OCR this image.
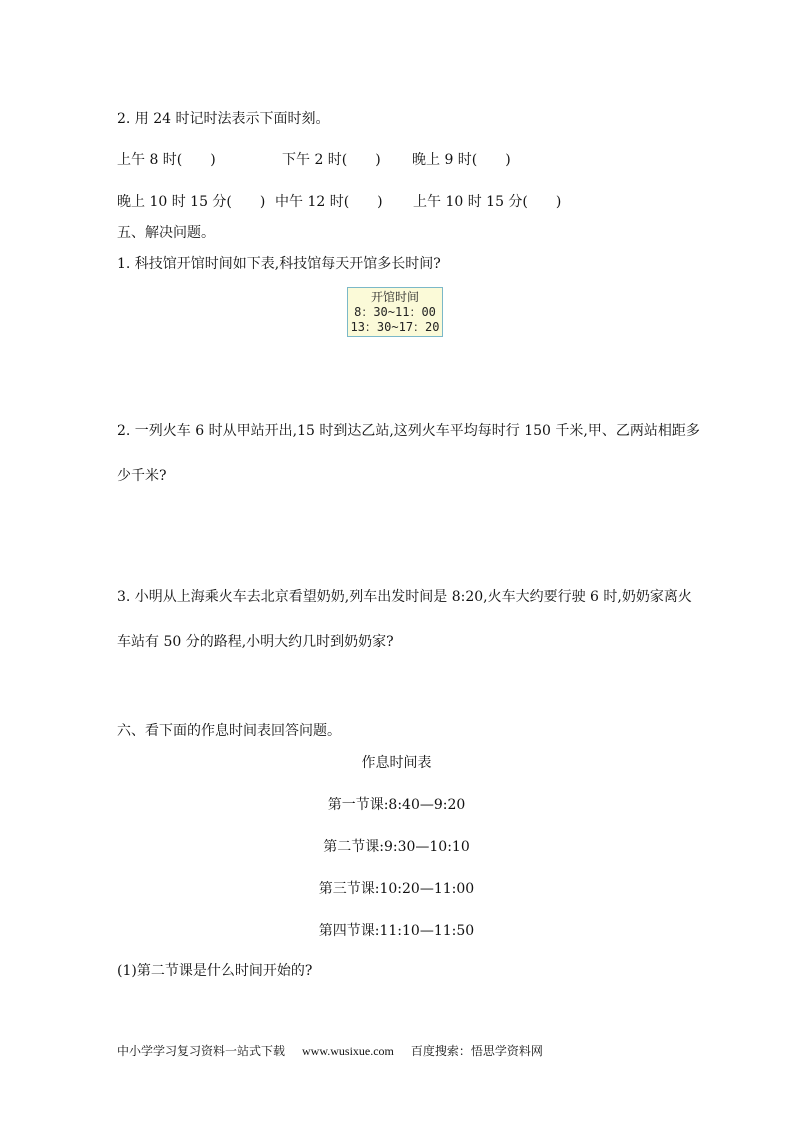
2. 用 24 时记时法表示下面时刻。
上午 8 时(　　)	下午 2 时(　　) 晚上 9 时(　　)
晚上 10 时 15 分(　　) 中午 12 时(　　) 上午 10 时 15 分(　　)
五、解决问题。
1. 科技馆开馆时间如下表,科技馆每天开馆多长时间?
开馆时间
8：30~11：00
13：30~17：20
2. 一列火车 6 时从甲站开出,15 时到达乙站,这列火车平均每时行 150 千米,甲、乙两站相距多
少千米?
3. 小明从上海乘火车去北京看望奶奶,列车出发时间是 8:20,火车大约要行驶 6 时,奶奶家离火
车站有 50 分的路程,小明大约几时到奶奶家?
六、看下面的作息时间表回答问题。
作息时间表
第一节课:8:40—9:20
第二节课:9:30—10:10
第三节课:10:20—11:00
第四节课:11:10—11:50
(1)第二节课是什么时间开始的?
中小学学习复习资料一站式下载 www.wusixue.com 百度搜索：悟思学资料网
